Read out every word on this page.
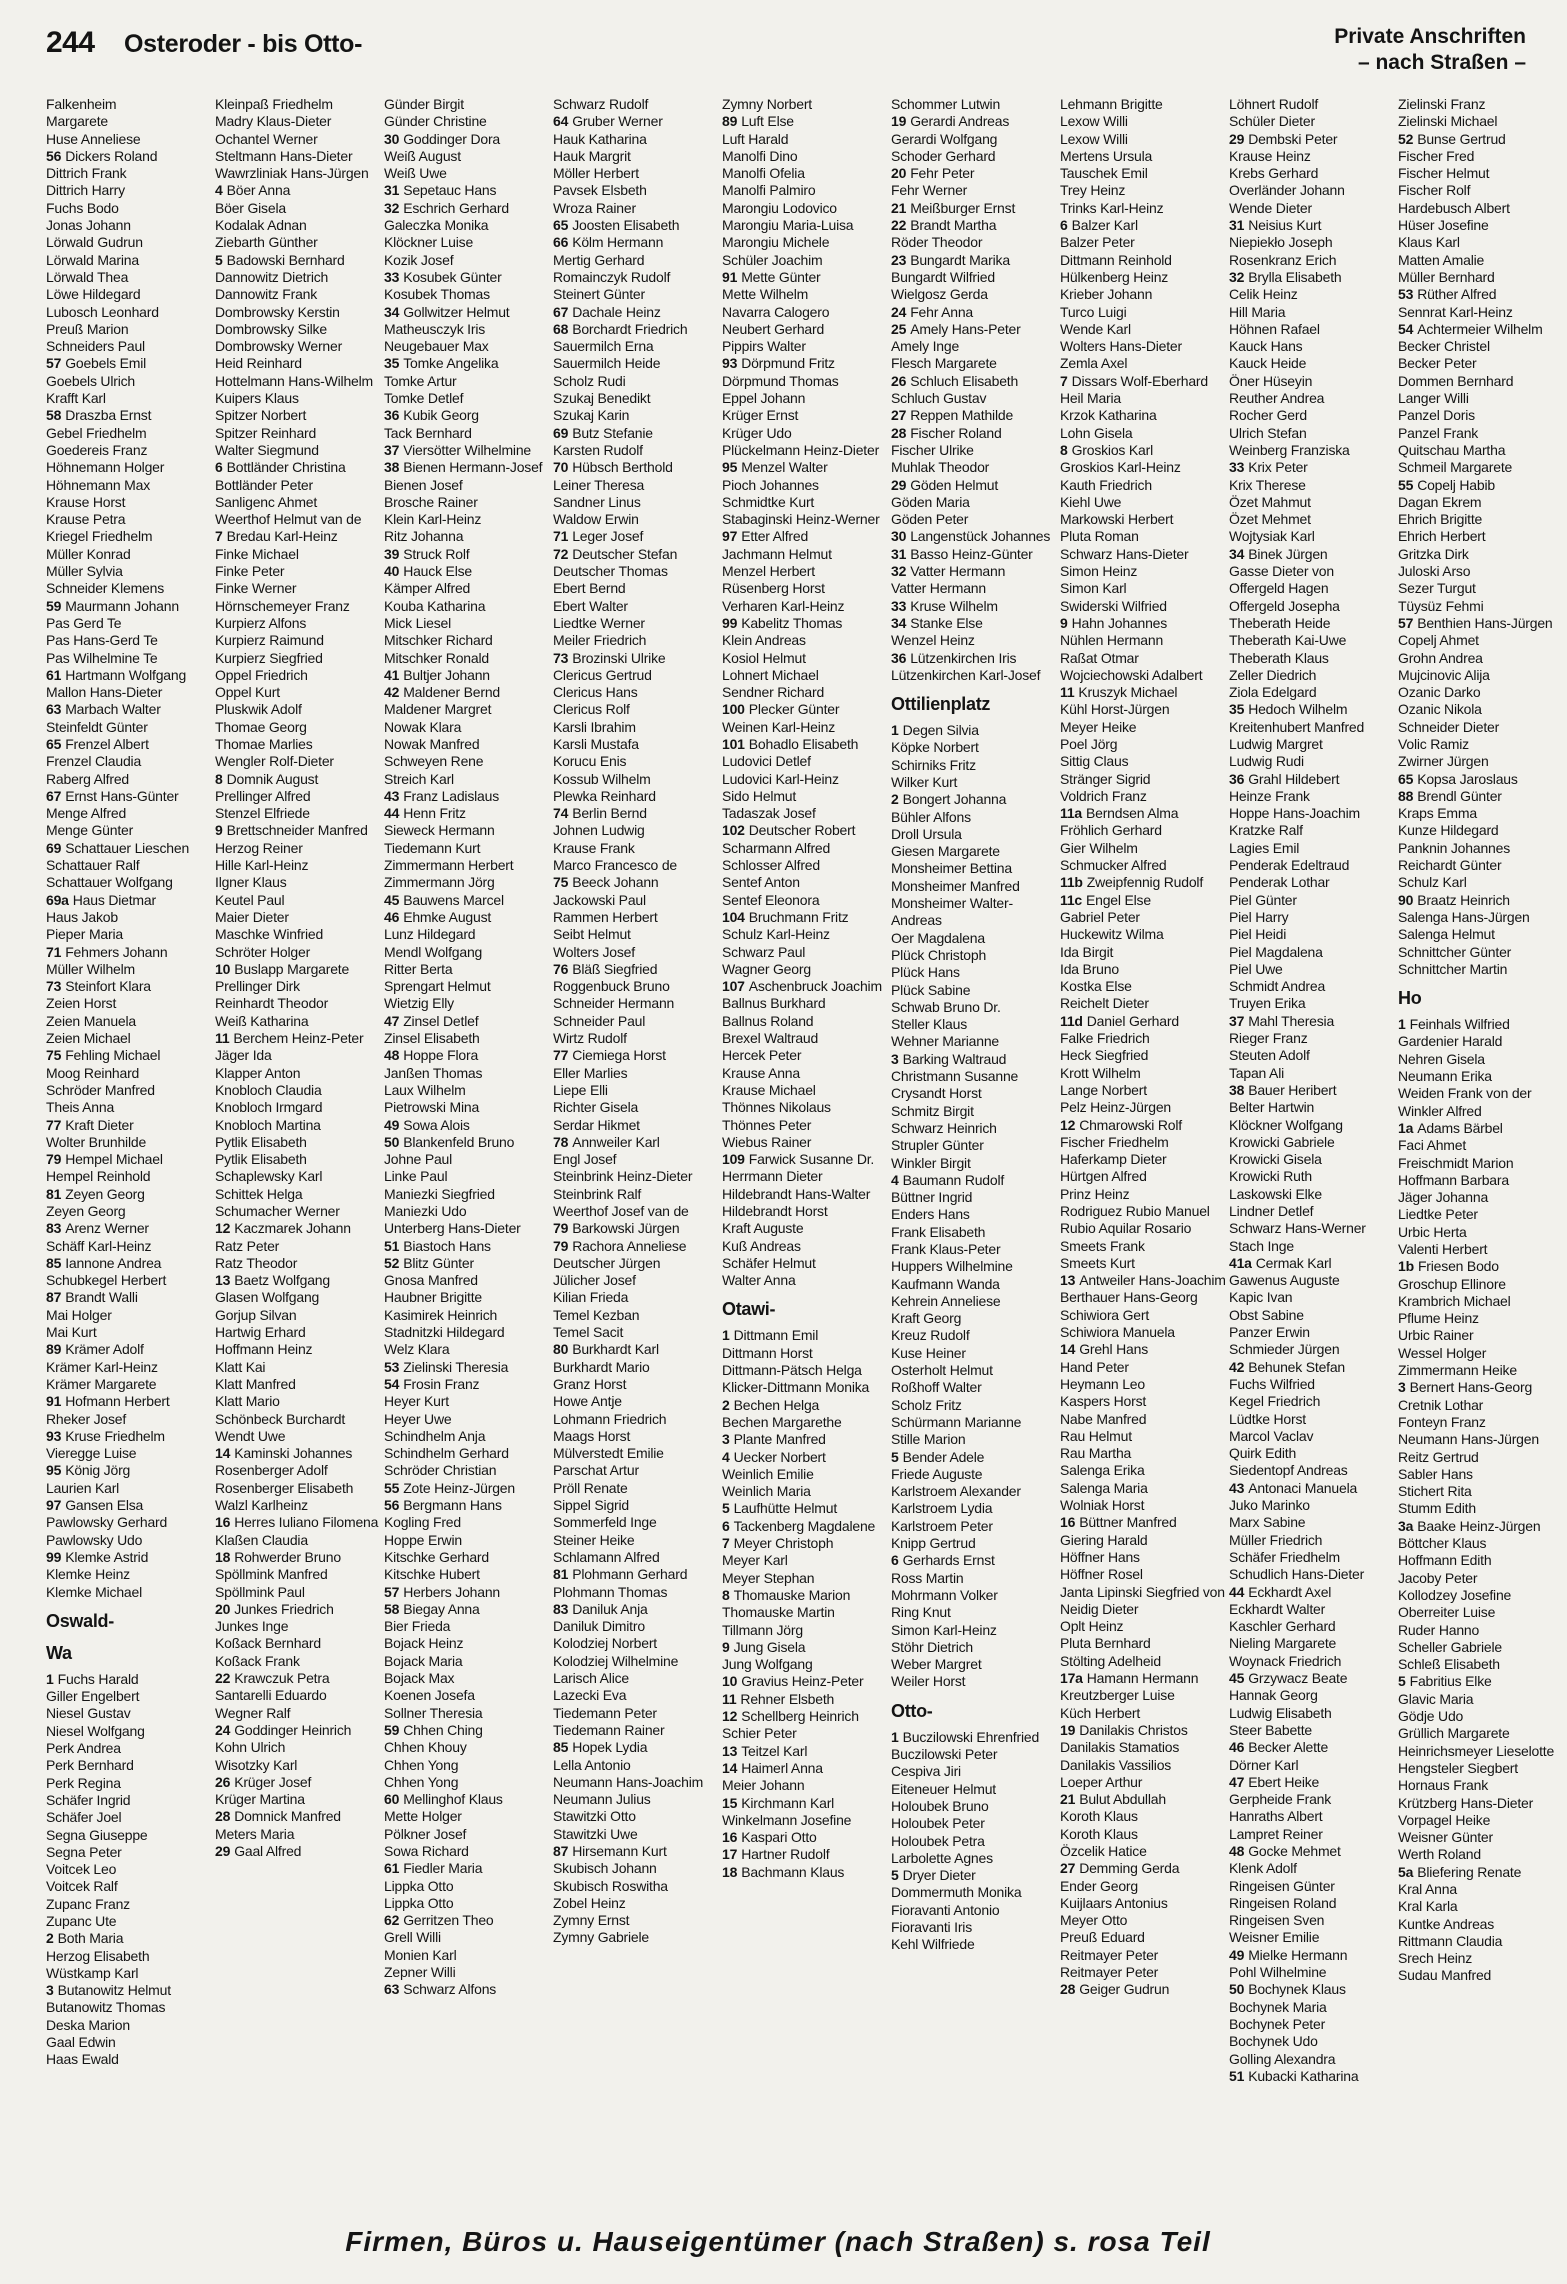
244 Osteroder - bis Otto-	Private Anschriften
– nach Straßen –
Falkenheim
Margarete
Huse Anneliese
56 Dickers Roland
Dittrich Frank
Dittrich Harry
Fuchs Bodo
Jonas Johann
Lörwald Gudrun
Lörwald Marina
Lörwald Thea
Löwe Hildegard
Lubosch Leonhard
Preuß Marion
Schneiders Paul
57 Goebels Emil
Goebels Ulrich
Krafft Karl
58 Draszba Ernst
Gebel Friedhelm
Goedereis Franz
Höhnemann Holger
Höhnemann Max
Krause Horst
Krause Petra
Kriegel Friedhelm
Müller Konrad
Müller Sylvia
Schneider Klemens
59 Maurmann Johann
Pas Gerd Te
Pas Hans-Gerd Te
Pas Wilhelmine Te
61 Hartmann Wolfgang
Mallon Hans-Dieter
63 Marbach Walter
Steinfeldt Günter
65 Frenzel Albert
Frenzel Claudia
Raberg Alfred
67 Ernst Hans-Günter
Menge Alfred
Menge Günter
69 Schattauer Lieschen
Schattauer Ralf
Schattauer Wolfgang
69a Haus Dietmar
Haus Jakob
Pieper Maria
71 Fehmers Johann
Müller Wilhelm
73 Steinfort Klara
Zeien Horst
Zeien Manuela
Zeien Michael
75 Fehling Michael
Moog Reinhard
Schröder Manfred
Theis Anna
77 Kraft Dieter
Wolter Brunhilde
79 Hempel Michael
Hempel Reinhold
81 Zeyen Georg
Zeyen Georg
83 Arenz Werner
Schäff Karl-Heinz
85 Iannone Andrea
Schubkegel Herbert
87 Brandt Walli
Mai Holger
Mai Kurt
89 Krämer Adolf
Krämer Karl-Heinz
Krämer Margarete
91 Hofmann Herbert
Rheker Josef
93 Kruse Friedhelm
Vieregge Luise
95 König Jörg
Laurien Karl
97 Gansen Elsa
Pawlowsky Gerhard
Pawlowsky Udo
99 Klemke Astrid
Klemke Heinz
Klemke Michael
Oswald-
Wa
1 Fuchs Harald
Giller Engelbert
Niesel Gustav
Niesel Wolfgang
Perk Andrea
Perk Bernhard
Perk Regina
Schäfer Ingrid
Schäfer Joel
Segna Giuseppe
Segna Peter
Voitcek Leo
Voitcek Ralf
Zupanc Franz
Zupanc Ute
2 Both Maria
Herzog Elisabeth
Wüstkamp Karl
3 Butanowitz Helmut
Butanowitz Thomas
Deska Marion
Gaal Edwin
Haas Ewald
Kleinpaß Friedhelm
Madry Klaus-Dieter
Ochantel Werner
Steltmann Hans-Dieter
Wawrzliniak Hans-Jürgen
4 Böer Anna
Böer Gisela
Kodalak Adnan
Ziebarth Günther
5 Badowski Bernhard
Dannowitz Dietrich
Dannowitz Frank
Dombrowsky Kerstin
Dombrowsky Silke
Dombrowsky Werner
Heid Reinhard
Hottelmann Hans-Wilhelm
Kuipers Klaus
Spitzer Norbert
Spitzer Reinhard
Walter Siegmund
6 Bottländer Christina
Bottländer Peter
Sanligenc Ahmet
Weerthof Helmut van de
7 Bredau Karl-Heinz
Finke Michael
Finke Peter
Finke Werner
Hörnschemeyer Franz
Kurpierz Alfons
Kurpierz Raimund
Kurpierz Siegfried
Oppel Friedrich
Oppel Kurt
Pluskwik Adolf
Thomae Georg
Thomae Marlies
Wengler Rolf-Dieter
8 Domnik August
Prellinger Alfred
Stenzel Elfriede
9 Brettschneider Manfred
Herzog Reiner
Hille Karl-Heinz
Ilgner Klaus
Keutel Paul
Maier Dieter
Maschke Winfried
Schröter Holger
10 Buslapp Margarete
Prellinger Dirk
Reinhardt Theodor
Weiß Katharina
11 Berchem Heinz-Peter
Jäger Ida
Klapper Anton
Knobloch Claudia
Knobloch Irmgard
Knobloch Martina
Pytlik Elisabeth
Pytlik Elisabeth
Schaplewsky Karl
Schittek Helga
Schumacher Werner
12 Kaczmarek Johann
Ratz Peter
Ratz Theodor
13 Baetz Wolfgang
Glasen Wolfgang
Gorjup Silvan
Hartwig Erhard
Hoffmann Heinz
Klatt Kai
Klatt Manfred
Klatt Mario
Schönbeck Burchardt
Wendt Uwe
14 Kaminski Johannes
Rosenberger Adolf
Rosenberger Elisabeth
Walzl Karlheinz
16 Herres Iuliano Filomena
Klaßen Claudia
18 Rohwerder Bruno
Spöllmink Manfred
Spöllmink Paul
20 Junkes Friedrich
Junkes Inge
Koßack Bernhard
Koßack Frank
22 Krawczuk Petra
Santarelli Eduardo
Wegner Ralf
24 Goddinger Heinrich
Kohn Ulrich
Wisotzky Karl
26 Krüger Josef
Krüger Martina
28 Domnick Manfred
Meters Maria
29 Gaal Alfred
Günder Birgit
Günder Christine
30 Goddinger Dora
Weiß August
Weiß Uwe
31 Sepetauc Hans
32 Eschrich Gerhard
Galeczka Monika
Klöckner Luise
Kozik Josef
33 Kosubek Günter
Kosubek Thomas
34 Gollwitzer Helmut
Matheusczyk Iris
Neugebauer Max
35 Tomke Angelika
Tomke Artur
Tomke Detlef
36 Kubik Georg
Tack Bernhard
37 Viersötter Wilhelmine
38 Bienen Hermann-Josef
Bienen Josef
Brosche Rainer
Klein Karl-Heinz
Ritz Johanna
39 Struck Rolf
40 Hauck Else
Kämper Alfred
Kouba Katharina
Mick Liesel
Mitschker Richard
Mitschker Ronald
41 Bultjer Johann
42 Maldener Bernd
Maldener Margret
Nowak Klara
Nowak Manfred
Schweyen Rene
Streich Karl
43 Franz Ladislaus
44 Henn Fritz
Sieweck Hermann
Tiedemann Kurt
Zimmermann Herbert
Zimmermann Jörg
45 Bauwens Marcel
46 Ehmke August
Lunz Hildegard
Mendl Wolfgang
Ritter Berta
Sprengart Helmut
Wietzig Elly
47 Zinsel Detlef
Zinsel Elisabeth
48 Hoppe Flora
Janßen Thomas
Laux Wilhelm
Pietrowski Mina
49 Sowa Alois
50 Blankenfeld Bruno
Johne Paul
Linke Paul
Maniezki Siegfried
Maniezki Udo
Unterberg Hans-Dieter
51 Biastoch Hans
52 Blitz Günter
Gnosa Manfred
Haubner Brigitte
Kasimirek Heinrich
Stadnitzki Hildegard
Welz Klara
53 Zielinski Theresia
54 Frosin Franz
Heyer Kurt
Heyer Uwe
Schindhelm Anja
Schindhelm Gerhard
Schröder Christian
55 Zote Heinz-Jürgen
56 Bergmann Hans
Kogling Fred
Hoppe Erwin
Kitschke Gerhard
Kitschke Hubert
57 Herbers Johann
58 Biegay Anna
Bier Frieda
Bojack Heinz
Bojack Maria
Bojack Max
Koenen Josefa
Sollner Theresia
59 Chhen Ching
Chhen Khouy
Chhen Yong
Chhen Yong
60 Mellinghof Klaus
Mette Holger
Pölkner Josef
Sowa Richard
61 Fiedler Maria
Lippka Otto
Lippka Otto
62 Gerritzen Theo
Grell Willi
Monien Karl
Zepner Willi
63 Schwarz Alfons
Schwarz Rudolf
64 Gruber Werner
Hauk Katharina
Hauk Margrit
Möller Herbert
Pavsek Elsbeth
Wroza Rainer
65 Joosten Elisabeth
66 Kölm Hermann
Mertig Gerhard
Romainczyk Rudolf
Steinert Günter
67 Dachale Heinz
68 Borchardt Friedrich
Sauermilch Erna
Sauermilch Heide
Scholz Rudi
Szukaj Benedikt
Szukaj Karin
69 Butz Stefanie
Karsten Rudolf
70 Hübsch Berthold
Leiner Theresa
Sandner Linus
Waldow Erwin
71 Leger Josef
72 Deutscher Stefan
Deutscher Thomas
Ebert Bernd
Ebert Walter
Liedtke Werner
Meiler Friedrich
73 Brozinski Ulrike
Clericus Gertrud
Clericus Hans
Clericus Rolf
Karsli Ibrahim
Karsli Mustafa
Korucu Enis
Kossub Wilhelm
Plewka Reinhard
74 Berlin Bernd
Johnen Ludwig
Krause Frank
Marco Francesco de
75 Beeck Johann
Jackowski Paul
Rammen Herbert
Seibt Helmut
Wolters Josef
76 Bläß Siegfried
Roggenbuck Bruno
Schneider Hermann
Schneider Paul
Wirtz Rudolf
77 Ciemiega Horst
Eller Marlies
Liepe Elli
Richter Gisela
Serdar Hikmet
78 Annweiler Karl
Engl Josef
Steinbrink Heinz-Dieter
Steinbrink Ralf
Weerthof Josef van de
79 Barkowski Jürgen
79 Rachora Anneliese
Deutscher Jürgen
Jülicher Josef
Kilian Frieda
Temel Kezban
Temel Sacit
80 Burkhardt Karl
Burkhardt Mario
Granz Horst
Howe Antje
Lohmann Friedrich
Maags Horst
Mülverstedt Emilie
Parschat Artur
Pröll Renate
Sippel Sigrid
Sommerfeld Inge
Steiner Heike
Schlamann Alfred
81 Plohmann Gerhard
Plohmann Thomas
83 Daniluk Anja
Daniluk Dimitro
Kolodziej Norbert
Kolodziej Wilhelmine
Larisch Alice
Lazecki Eva
Tiedemann Peter
Tiedemann Rainer
85 Hopek Lydia
Lella Antonio
Neumann Hans-Joachim
Neumann Julius
Stawitzki Otto
Stawitzki Uwe
87 Hirsemann Kurt
Skubisch Johann
Skubisch Roswitha
Zobel Heinz
Zymny Ernst
Zymny Gabriele
Zymny Norbert
89 Luft Else
Luft Harald
Manolfi Dino
Manolfi Ofelia
Manolfi Palmiro
Marongiu Lodovico
Marongiu Maria-Luisa
Marongiu Michele
Schüler Joachim
91 Mette Günter
Mette Wilhelm
Navarra Calogero
Neubert Gerhard
Pippirs Walter
93 Dörpmund Fritz
Dörpmund Thomas
Eppel Johann
Krüger Ernst
Krüger Udo
Plückelmann Heinz-Dieter
95 Menzel Walter
Pioch Johannes
Schmidtke Kurt
Stabaginski Heinz-Werner
97 Etter Alfred
Jachmann Helmut
Menzel Herbert
Rüsenberg Horst
Verharen Karl-Heinz
99 Kabelitz Thomas
Klein Andreas
Kosiol Helmut
Lohnert Michael
Sendner Richard
100 Plecker Günter
Weinen Karl-Heinz
101 Bohadlo Elisabeth
Ludovici Detlef
Ludovici Karl-Heinz
Sido Helmut
Tadaszak Josef
102 Deutscher Robert
Scharmann Alfred
Schlosser Alfred
Sentef Anton
Sentef Eleonora
104 Bruchmann Fritz
Schulz Karl-Heinz
Schwarz Paul
Wagner Georg
107 Aschenbruck Joachim
Ballnus Burkhard
Ballnus Roland
Brexel Waltraud
Hercek Peter
Krause Anna
Krause Michael
Thönnes Nikolaus
Thönnes Peter
Wiebus Rainer
109 Farwick Susanne Dr.
Herrmann Dieter
Hildebrandt Hans-Walter
Hildebrandt Horst
Kraft Auguste
Kuß Andreas
Schäfer Helmut
Walter Anna
Otawi-
1 Dittmann Emil
Dittmann Horst
Dittmann-Pätsch Helga
Klicker-Dittmann Monika
2 Bechen Helga
Bechen Margarethe
3 Plante Manfred
4 Uecker Norbert
Weinlich Emilie
Weinlich Maria
5 Laufhütte Helmut
6 Tackenberg Magdalene
7 Meyer Christoph
Meyer Karl
Meyer Stephan
8 Thomauske Marion
Thomauske Martin
Tillmann Jörg
9 Jung Gisela
Jung Wolfgang
10 Gravius Heinz-Peter
11 Rehner Elsbeth
12 Schellberg Heinrich
Schier Peter
13 Teitzel Karl
14 Haimerl Anna
Meier Johann
15 Kirchmann Karl
Winkelmann Josefine
16 Kaspari Otto
17 Hartner Rudolf
18 Bachmann Klaus
Schommer Lutwin
19 Gerardi Andreas
Gerardi Wolfgang
Schoder Gerhard
20 Fehr Peter
Fehr Werner
21 Meißburger Ernst
22 Brandt Martha
Röder Theodor
23 Bungardt Marika
Bungardt Wilfried
Wielgosz Gerda
24 Fehr Anna
25 Amely Hans-Peter
Amely Inge
Flesch Margarete
26 Schluch Elisabeth
Schluch Gustav
27 Reppen Mathilde
28 Fischer Roland
Fischer Ulrike
Muhlak Theodor
29 Göden Helmut
Göden Maria
Göden Peter
30 Langenstück Johannes
31 Basso Heinz-Günter
32 Vatter Hermann
Vatter Hermann
33 Kruse Wilhelm
34 Stanke Else
Wenzel Heinz
36 Lützenkirchen Iris
Lützenkirchen Karl-Josef
Ottilienplatz
1 Degen Silvia
Köpke Norbert
Schirniks Fritz
Wilker Kurt
2 Bongert Johanna
Bühler Alfons
Droll Ursula
Giesen Margarete
Monsheimer Bettina
Monsheimer Manfred
Monsheimer Walter-Andreas
Oer Magdalena
Plück Christoph
Plück Hans
Plück Sabine
Schwab Bruno Dr.
Steller Klaus
Wehner Marianne
3 Barking Waltraud
Christmann Susanne
Crysandt Horst
Schmitz Birgit
Schwarz Heinrich
Strupler Günter
Winkler Birgit
4 Baumann Rudolf
Büttner Ingrid
Enders Hans
Frank Elisabeth
Frank Klaus-Peter
Huppers Wilhelmine
Kaufmann Wanda
Kehrein Anneliese
Kraft Georg
Kreuz Rudolf
Kuse Heiner
Osterholt Helmut
Roßhoff Walter
Scholz Fritz
Schürmann Marianne
Stille Marion
5 Bender Adele
Friede Auguste
Karlstroem Alexander
Karlstroem Lydia
Karlstroem Peter
Knipp Gertrud
6 Gerhards Ernst
Ross Martin
Mohrmann Volker
Ring Knut
Simon Karl-Heinz
Stöhr Dietrich
Weber Margret
Weiler Horst
Otto-
1 Buczilowski Ehrenfried
Buczilowski Peter
Cespiva Jiri
Eiteneuer Helmut
Holoubek Bruno
Holoubek Peter
Holoubek Petra
Larbolette Agnes
5 Dryer Dieter
Dommermuth Monika
Fioravanti Antonio
Fioravanti Iris
Kehl Wilfriede
Lehmann Brigitte
Lexow Willi
Lexow Willi
Mertens Ursula
Tauschek Emil
Trey Heinz
Trinks Karl-Heinz
6 Balzer Karl
Balzer Peter
Dittmann Reinhold
Hülkenberg Heinz
Krieber Johann
Turco Luigi
Wende Karl
Wolters Hans-Dieter
Zemla Axel
7 Dissars Wolf-Eberhard
Heil Maria
Krzok Katharina
Lohn Gisela
8 Groskios Karl
Groskios Karl-Heinz
Kauth Friedrich
Kiehl Uwe
Markowski Herbert
Pluta Roman
Schwarz Hans-Dieter
Simon Heinz
Simon Karl
Swiderski Wilfried
9 Hahn Johannes
Nühlen Hermann
Raßat Otmar
Wojciechowski Adalbert
11 Kruszyk Michael
Kühl Horst-Jürgen
Meyer Heike
Poel Jörg
Sittig Claus
Stränger Sigrid
Voldrich Franz
11a Berndsen Alma
Fröhlich Gerhard
Gier Wilhelm
Schmucker Alfred
11b Zweipfennig Rudolf
11c Engel Else
Gabriel Peter
Huckewitz Wilma
Ida Birgit
Ida Bruno
Kostka Else
Reichelt Dieter
11d Daniel Gerhard
Falke Friedrich
Heck Siegfried
Krott Wilhelm
Lange Norbert
Pelz Heinz-Jürgen
12 Chmarowski Rolf
Fischer Friedhelm
Haferkamp Dieter
Hürtgen Alfred
Prinz Heinz
Rodriguez Rubio Manuel
Rubio Aquilar Rosario
Smeets Frank
Smeets Kurt
13 Antweiler Hans-Joachim
Berthauer Hans-Georg
Schiwiora Gert
Schiwiora Manuela
14 Grehl Hans
Hand Peter
Heymann Leo
Kaspers Horst
Nabe Manfred
Rau Helmut
Rau Martha
Salenga Erika
Salenga Maria
Wolniak Horst
16 Büttner Manfred
Giering Harald
Höffner Hans
Höffner Rosel
Janta Lipinski Siegfried von
Neidig Dieter
Oplt Heinz
Pluta Bernhard
Stölting Adelheid
17a Hamann Hermann
Kreutzberger Luise
Küch Herbert
19 Danilakis Christos
Danilakis Stamatios
Danilakis Vassilios
Loeper Arthur
21 Bulut Abdullah
Koroth Klaus
Koroth Klaus
Özcelik Hatice
27 Demming Gerda
Ender Georg
Kuijlaars Antonius
Meyer Otto
Preuß Eduard
Reitmayer Peter
Reitmayer Peter
28 Geiger Gudrun
Löhnert Rudolf
Schüler Dieter
29 Dembski Peter
Krause Heinz
Krebs Gerhard
Overländer Johann
Wende Dieter
31 Neisius Kurt
Niepiekło Joseph
Rosenkranz Erich
32 Brylla Elisabeth
Celik Heinz
Hill Maria
Höhnen Rafael
Kauck Hans
Kauck Heide
Öner Hüseyin
Reuther Andrea
Rocher Gerd
Ulrich Stefan
Weinberg Franziska
33 Krix Peter
Krix Therese
Özet Mahmut
Özet Mehmet
Wojtysiak Karl
34 Binek Jürgen
Gasse Dieter von
Offergeld Hagen
Offergeld Josepha
Theberath Heide
Theberath Kai-Uwe
Theberath Klaus
Zeller Diedrich
Ziola Edelgard
35 Hedoch Wilhelm
Kreitenhubert Manfred
Ludwig Margret
Ludwig Rudi
36 Grahl Hildebert
Heinze Frank
Hoppe Hans-Joachim
Kratzke Ralf
Lagies Emil
Penderak Edeltraud
Penderak Lothar
Piel Günter
Piel Harry
Piel Heidi
Piel Magdalena
Piel Uwe
Schmidt Andrea
Truyen Erika
37 Mahl Theresia
Rieger Franz
Steuten Adolf
Tapan Ali
38 Bauer Heribert
Belter Hartwin
Klöckner Wolfgang
Krowicki Gabriele
Krowicki Gisela
Krowicki Ruth
Laskowski Elke
Lindner Detlef
Schwarz Hans-Werner
Stach Inge
41a Cermak Karl
Gawenus Auguste
Kapic Ivan
Obst Sabine
Panzer Erwin
Schmieder Jürgen
42 Behunek Stefan
Fuchs Wilfried
Kegel Friedrich
Lüdtke Horst
Marcol Vaclav
Quirk Edith
Siedentopf Andreas
43 Antonaci Manuela
Juko Marinko
Marx Sabine
Müller Friedrich
Schäfer Friedhelm
Schudlich Hans-Dieter
44 Eckhardt Axel
Eckhardt Walter
Kaschler Gerhard
Nieling Margarete
Woynack Friedrich
45 Grzywacz Beate
Hannak Georg
Ludwig Elisabeth
Steer Babette
46 Becker Alette
Dörner Karl
47 Ebert Heike
Gerpheide Frank
Hanraths Albert
Lampret Reiner
48 Gocke Mehmet
Klenk Adolf
Ringeisen Günter
Ringeisen Roland
Ringeisen Sven
Weisner Emilie
49 Mielke Hermann
Pohl Wilhelmine
50 Bochynek Klaus
Bochynek Maria
Bochynek Peter
Bochynek Udo
Golling Alexandra
51 Kubacki Katharina
Zielinski Franz
Zielinski Michael
52 Bunse Gertrud
Fischer Fred
Fischer Helmut
Fischer Rolf
Hardebusch Albert
Hüser Josefine
Klaus Karl
Matten Amalie
Müller Bernhard
53 Rüther Alfred
Sennrat Karl-Heinz
54 Achtermeier Wilhelm
Becker Christel
Becker Peter
Dommen Bernhard
Langer Willi
Panzel Doris
Panzel Frank
Quitschau Martha
Schmeil Margarete
55 Copelj Habib
Dagan Ekrem
Ehrich Brigitte
Ehrich Herbert
Gritzka Dirk
Juloski Arso
Sezer Turgut
Tüysüz Fehmi
57 Benthien Hans-Jürgen
Copelj Ahmet
Grohn Andrea
Mujcinovic Alija
Ozanic Darko
Ozanic Nikola
Schneider Dieter
Volic Ramiz
Zwirner Jürgen
65 Kopsa Jaroslaus
88 Brendl Günter
Kraps Emma
Kunze Hildegard
Panknin Johannes
Reichardt Günter
Schulz Karl
90 Braatz Heinrich
Salenga Hans-Jürgen
Salenga Helmut
Schnittcher Günter
Schnittcher Martin
Ho
1 Feinhals Wilfried
Gardenier Harald
Nehren Gisela
Neumann Erika
Weiden Frank von der
Winkler Alfred
1a Adams Bärbel
Faci Ahmet
Freischmidt Marion
Hoffmann Barbara
Jäger Johanna
Liedtke Peter
Urbic Herta
Valenti Herbert
1b Friesen Bodo
Groschup Ellinore
Krambrich Michael
Pflume Heinz
Urbic Rainer
Wessel Holger
Zimmermann Heike
3 Bernert Hans-Georg
Cretnik Lothar
Fonteyn Franz
Neumann Hans-Jürgen
Reitz Gertrud
Sabler Hans
Stichert Rita
Stumm Edith
3a Baake Heinz-Jürgen
Böttcher Klaus
Hoffmann Edith
Jacoby Peter
Kollodzey Josefine
Oberreiter Luise
Ruder Hanno
Scheller Gabriele
Schleß Elisabeth
5 Fabritius Elke
Glavic Maria
Gödje Udo
Grüllich Margarete
Heinrichsmeyer Lieselotte
Hengsteler Siegbert
Hornaus Frank
Krützberg Hans-Dieter
Vorpagel Heike
Weisner Günter
Werth Roland
5a Bliefering Renate
Kral Anna
Kral Karla
Kuntke Andreas
Rittmann Claudia
Srech Heinz
Sudau Manfred
Firmen, Büros u. Hauseigentümer (nach Straßen) s. rosa Teil
